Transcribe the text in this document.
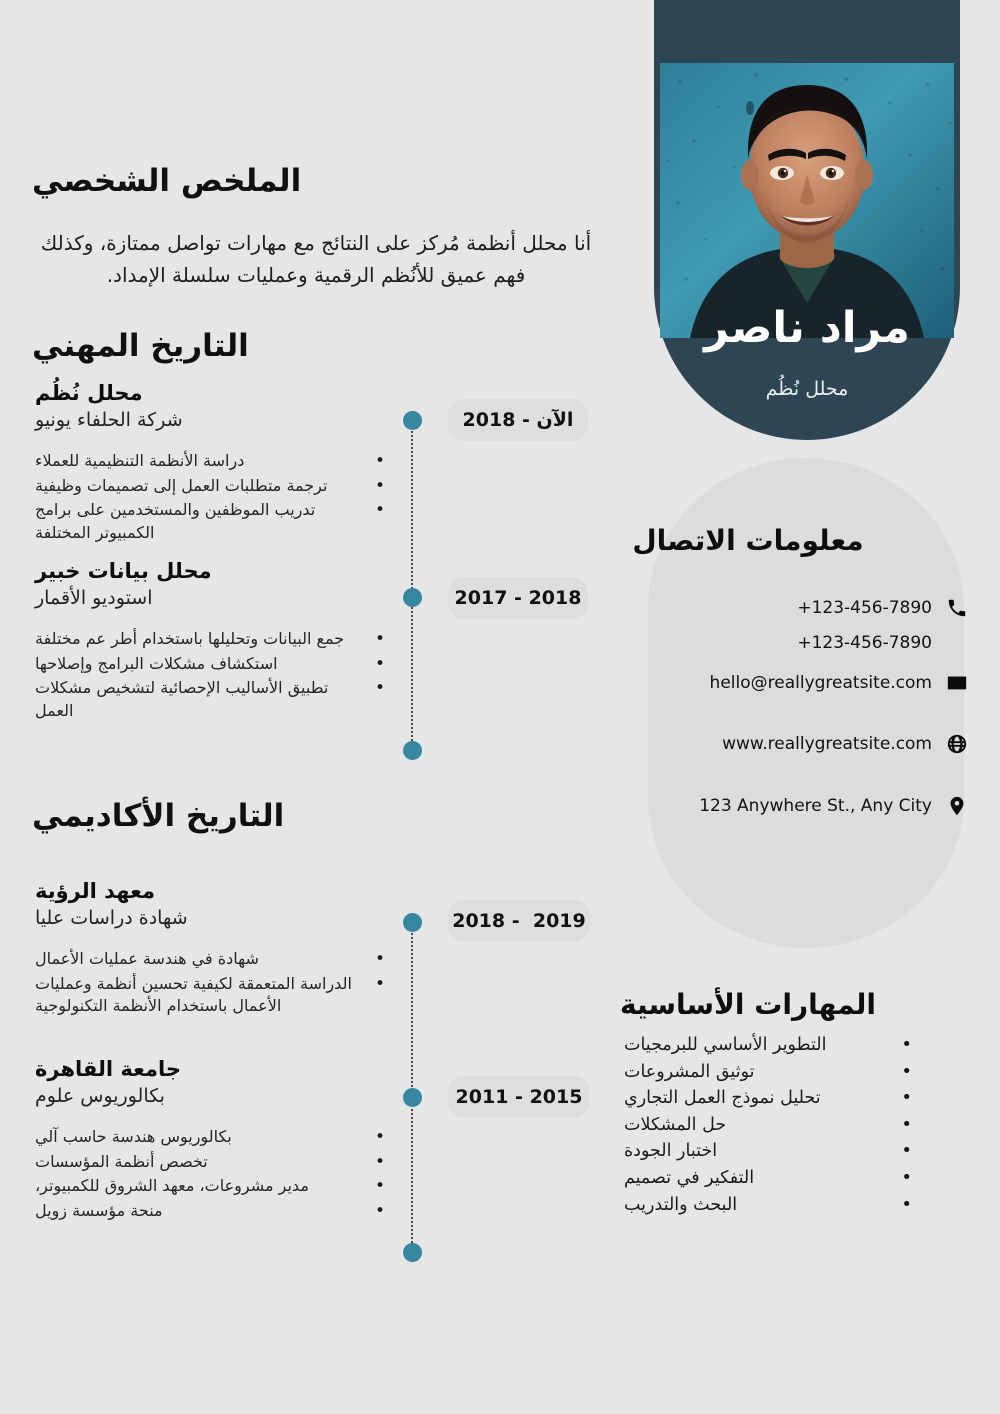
الملخص الشخصي
أنا محلل أنظمة مُركز على النتائج مع مهارات تواصل ممتازة، وكذلك فهم عميق للأنُظم الرقمية وعمليات سلسلة الإمداد.
التاريخ المهني
الآن - 2018
2018 - 2017
محلل نُظُم
شركة الحلفاء يونيو
• دراسة الأنظمة التنظيمية للعملاء
• ترجمة متطلبات العمل إلى تصميمات وظيفية
• تدريب الموظفين والمستخدمين على برامج الكمبيوتر المختلفة
محلل بيانات خبير
استوديو الأقمار
• جمع البيانات وتحليلها باستخدام أطر عم مختلفة
• استكشاف مشكلات البرامج وإصلاحها
• تطبيق الأساليب الإحصائية لتشخيص مشكلات العمل
التاريخ الأكاديمي
2019  - 2018
2015 - 2011
معهد الرؤية
شهادة دراسات عليا
• شهادة في هندسة عمليات الأعمال
• الدراسة المتعمقة لكيفية تحسين أنظمة وعمليات الأعمال باستخدام الأنظمة التكنولوجية
جامعة القاهرة
بكالوريوس علوم
• بكالوريوس هندسة حاسب آلي
• تخصص أنظمة المؤسسات
• مدير مشروعات، معهد الشروق للكمبيوتر،
• منحة مؤسسة زويل
مراد ناصر
محلل نُظُم
معلومات الاتصال
+123-456-7890
+123-456-7890
hello@reallygreatsite.com
www.reallygreatsite.com
123 Anywhere St., Any City
المهارات الأساسية
• التطوير الأساسي للبرمجيات
• توثيق المشروعات
• تحليل نموذج العمل التجاري
• حل المشكلات
• اختبار الجودة
• التفكير في تصميم
• البحث والتدريب
